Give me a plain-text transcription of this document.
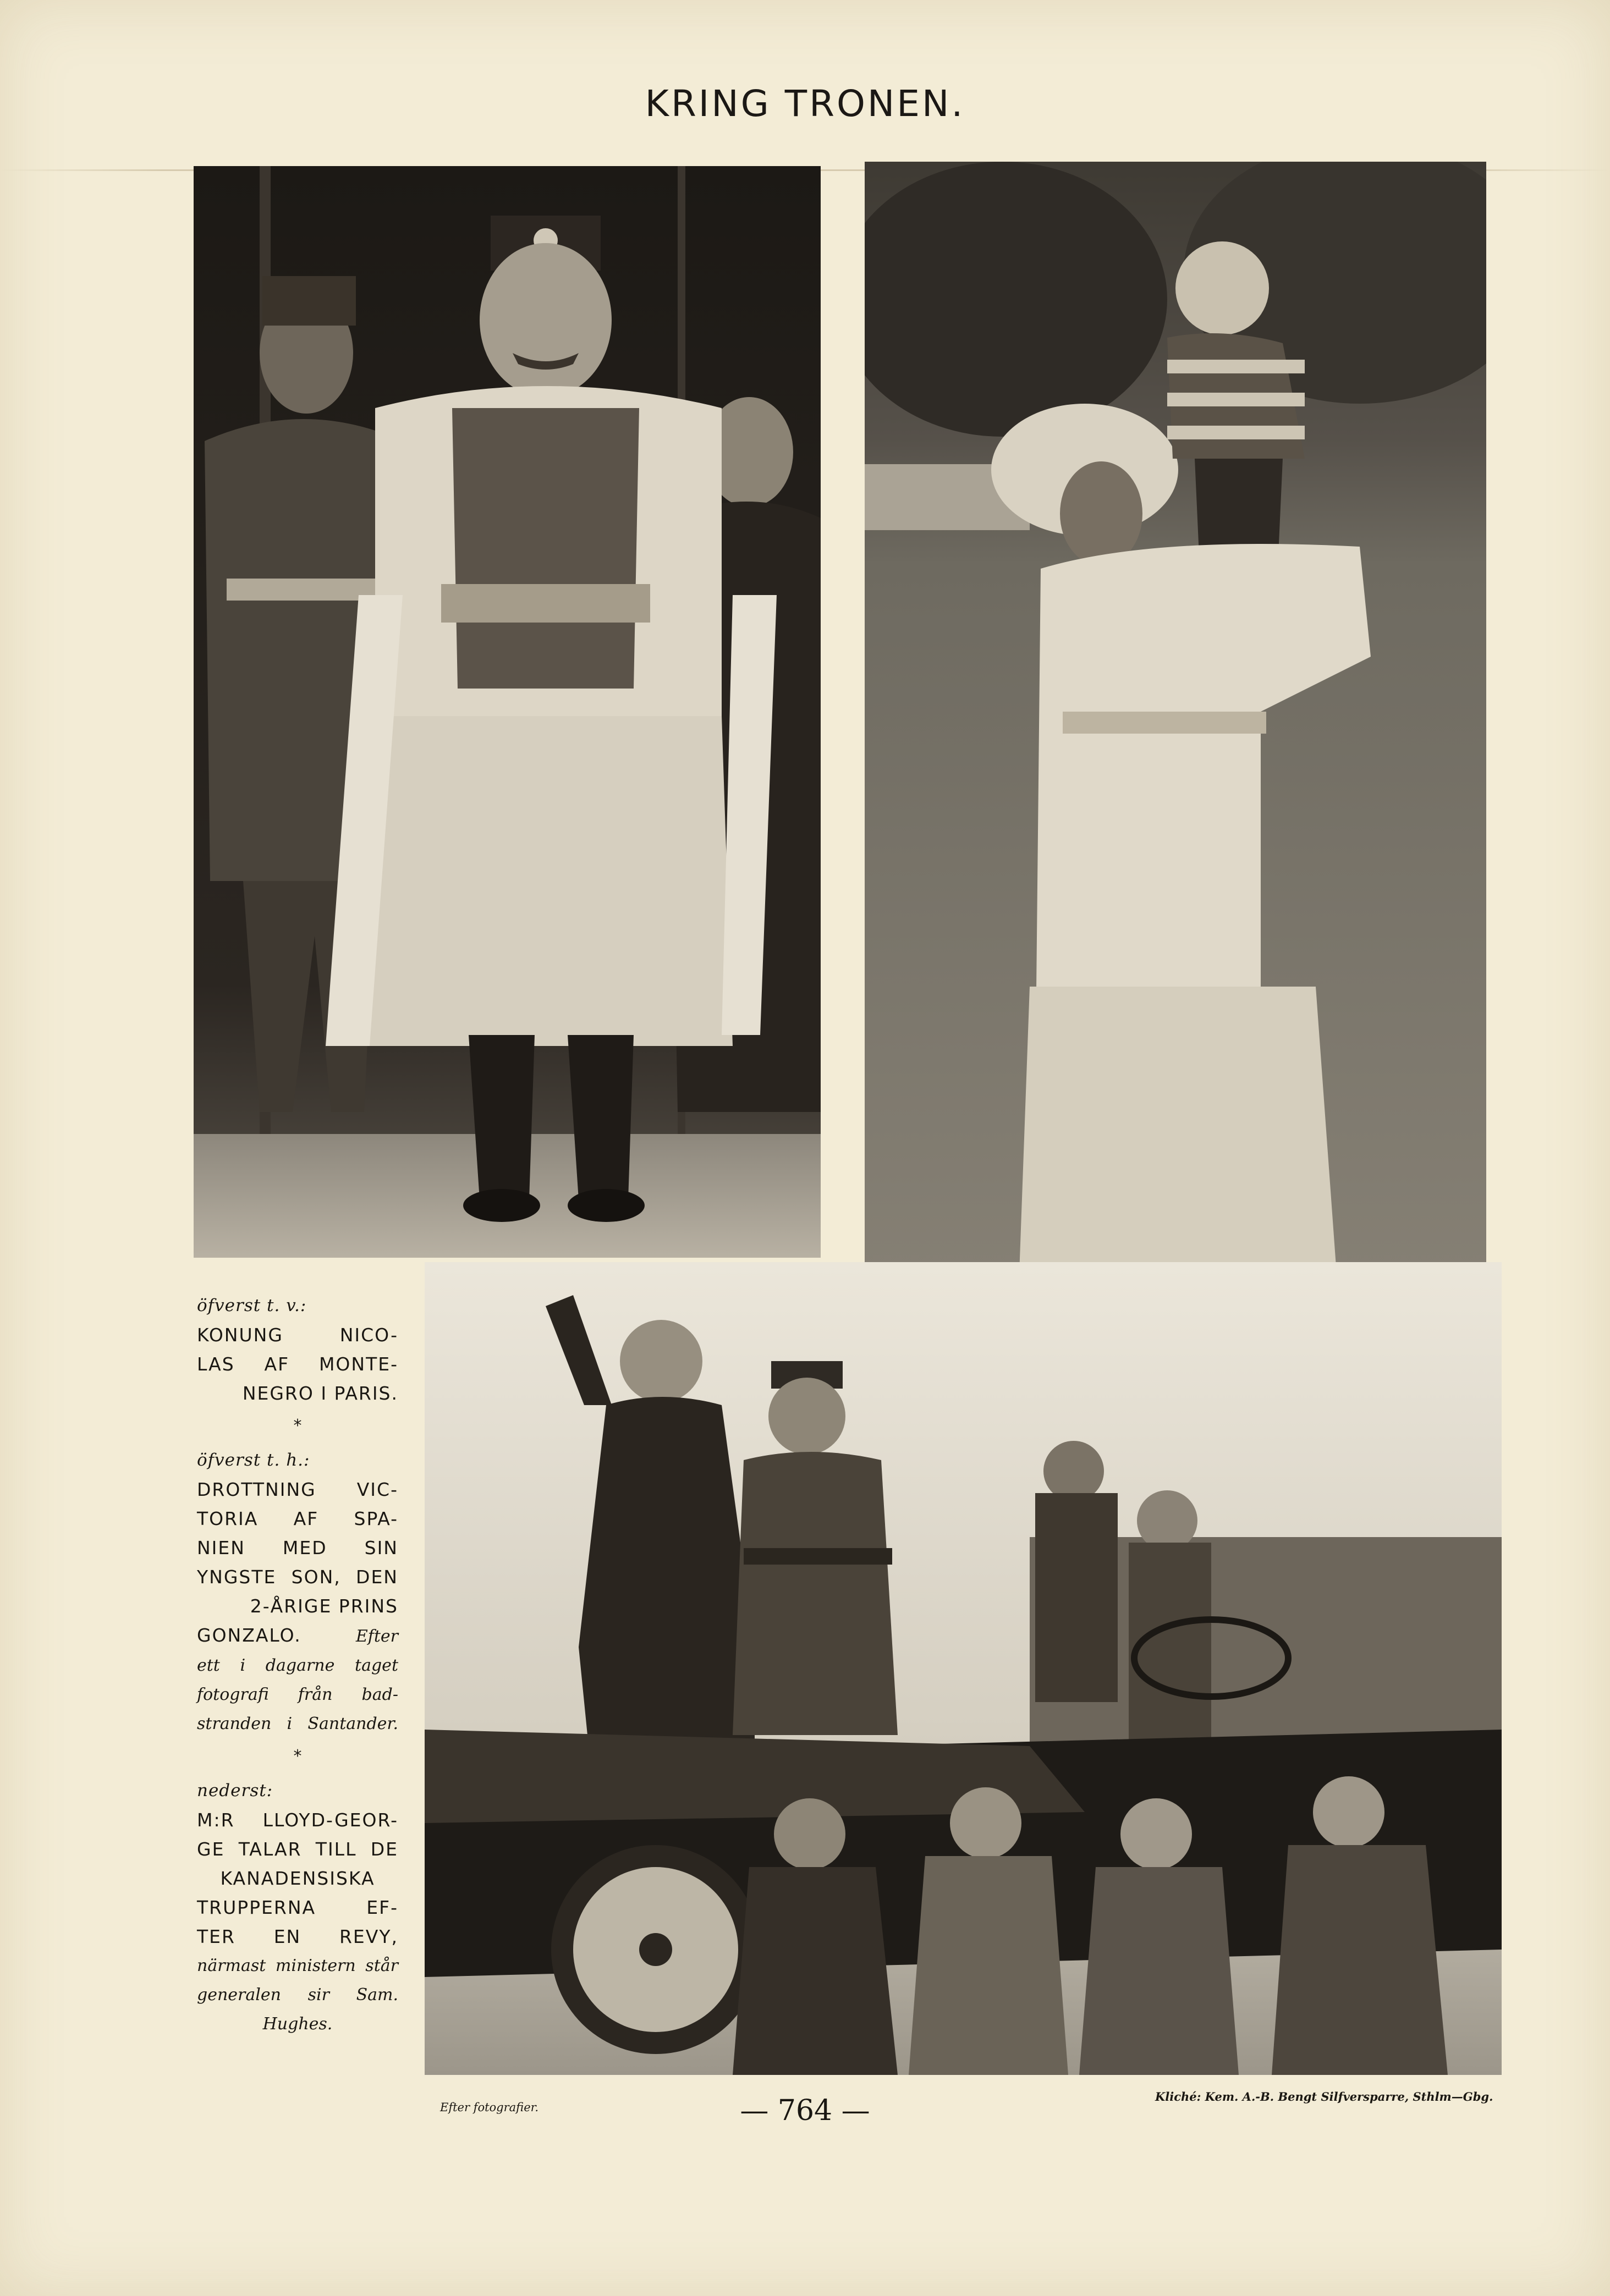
KRING TRONEN.
öfverst t. v.:
KONUNG NICO-
LAS AF MONTE-
NEGRO I PARIS.
*
öfverst t. h.:
DROTTNING VIC-
TORIA AF SPA-
NIEN MED SIN
YNGSTE SON, DEN
2-ÅRIGE PRINS
GONZALO.	Efter
ett i dagarne taget
fotografi från bad-
stranden i Santander.
*
nederst:
M:R LLOYD-GEOR-
GE TALAR TILL DE
KANADENSISKA
TRUPPERNA EF-
TER EN REVY,
närmast ministern står
generalen sir Sam.
Hughes.
Efter fotografier.	— 764 —	Kliché: Kem. A.-B. Bengt Silfversparre, Sthlm—Gbg.
